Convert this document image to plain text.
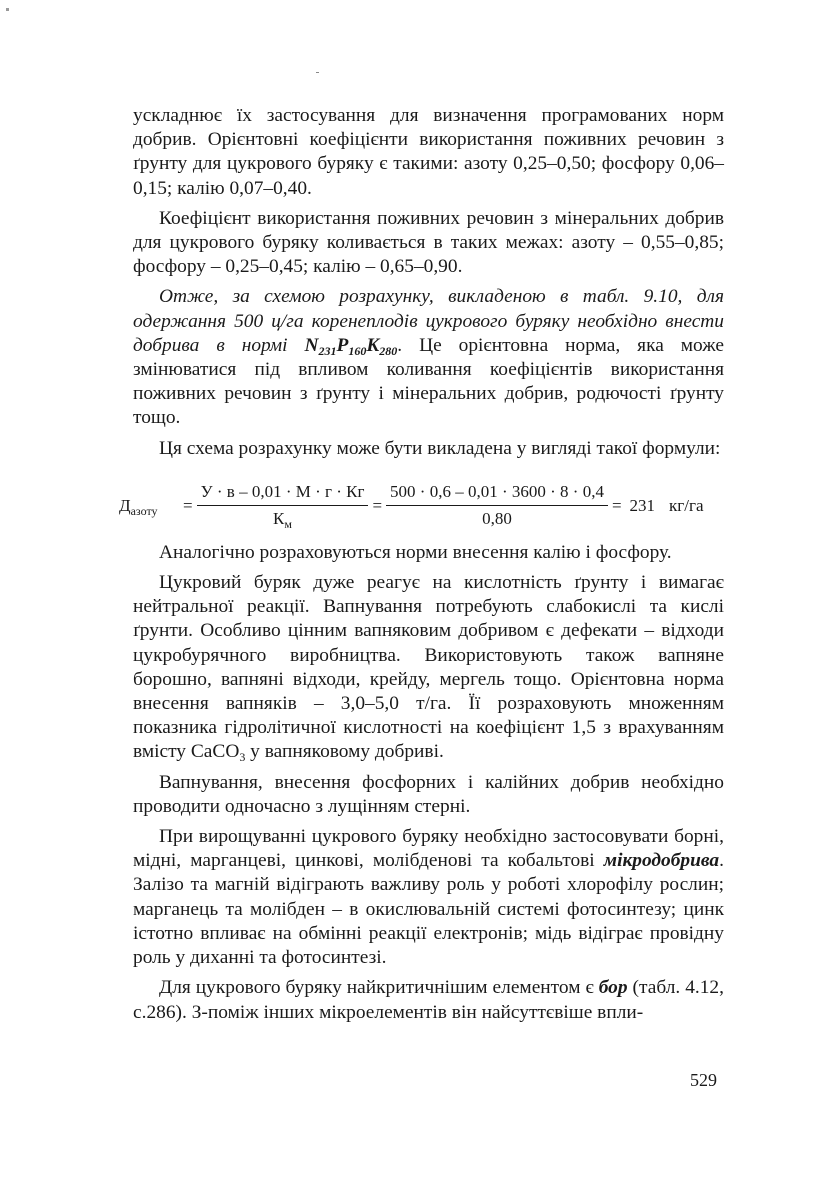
ускладнює їх застосування для визначення програмованих норм добрив. Орієнтовні коефіцієнти використання поживних речовин з ґрунту для цукрового буряку є такими: азоту 0,25–0,50; фосфору 0,06–0,15; калію 0,07–0,40.

Коефіцієнт використання поживних речовин з мінеральних добрив для цукрового буряку коливається в таких межах: азоту – 0,55–0,85; фосфору – 0,25–0,45; калію – 0,65–0,90.

Отже, за схемою розрахунку, викладеною в табл. 9.10, для одержання 500 ц/га коренеплодів цукрового буряку необхідно внести добрива в нормі $N_{231}P_{160}K_{280}$. Це орієнтовна норма, яка може змінюватися під впливом коливання коефіцієнтів використання поживних речовин з ґрунту і мінеральних добрив, родючості ґрунту тощо.

Ця схема розрахунку може бути викладена у вигляді такої формули:

$Д_{азоту}$	= $\frac{У \cdot в - 0,01 \cdot М \cdot г \cdot Кг}{К_м} = \frac{500 \cdot 0,6 - 0,01 \cdot 3600 \cdot 8 \cdot 0,4}{0,80} = 231$ кг/га

Аналогічно розраховуються норми внесення калію і фосфору.

Цукровий буряк дуже реагує на кислотність ґрунту і вимагає нейтральної реакції. Вапнування потребують слабокислі та кислі ґрунти. Особливо цінним вапняковим добривом є дефекати – відходи цукробурячного виробництва. Використовують також вапняне борошно, вапняні відходи, крейду, мергель тощо. Орієнтовна норма внесення вапняків – 3,0–5,0 т/га. Її розраховують множенням показника гідролітичної кислотності на коефіцієнт 1,5 з врахуванням вмісту СаСО$_3$ у вапняковому добриві.

Вапнування, внесення фосфорних і калійних добрив необхідно проводити одночасно з лущінням стерні.

При вирощуванні цукрового буряку необхідно застосовувати борні, мідні, марганцеві, цинкові, молібденові та кобальтові мікродобрива. Залізо та магній відіграють важливу роль у роботі хлорофілу рослин; марганець та молібден – в окислювальній системі фотосинтезу; цинк істотно впливає на обмінні реакції електронів; мідь відіграє провідну роль у диханні та фотосинтезі.

Для цукрового буряку найкритичнішим елементом є бор (табл. 4.12, с.286). З-поміж інших мікроелементів він найсуттєвіше впли-

529
